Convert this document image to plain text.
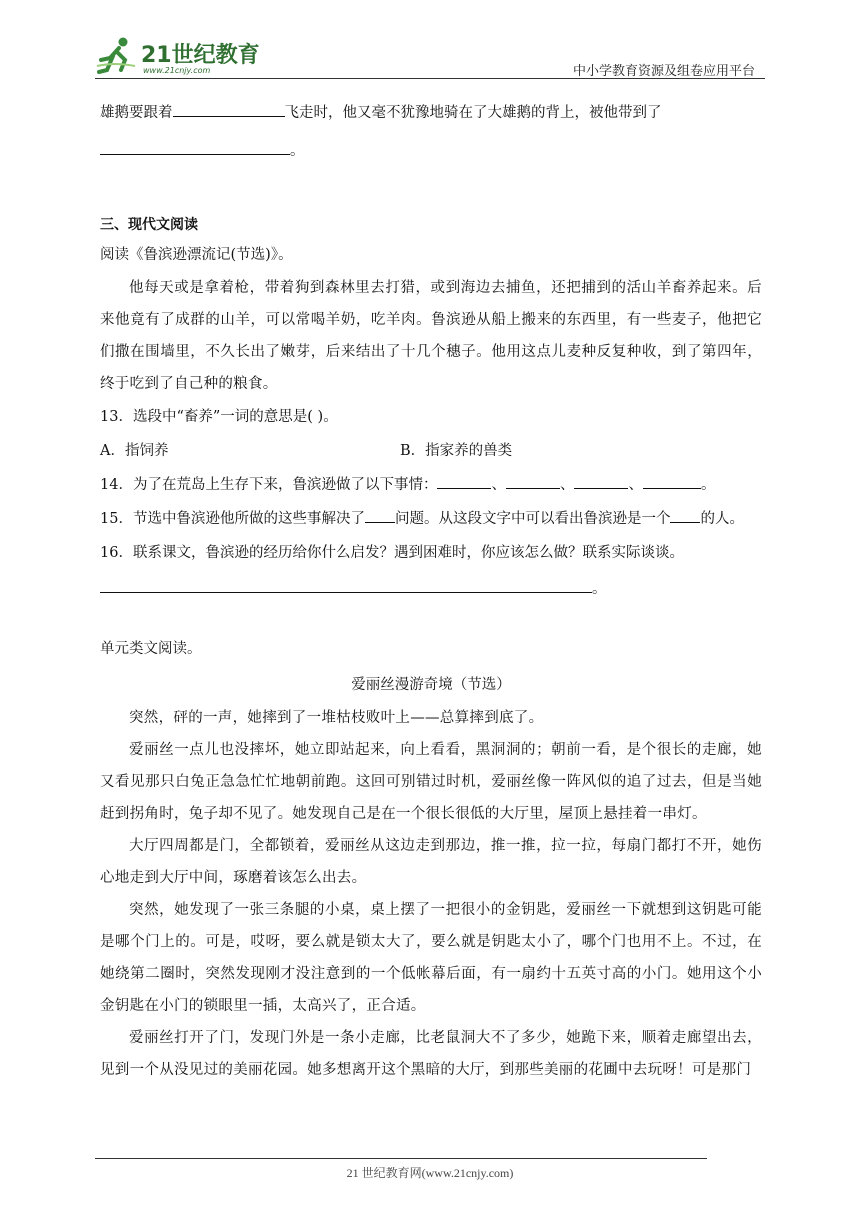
21世纪教育
www.21cnjy.com	中小学教育资源及组卷应用平台
雄鹅要跟着	飞走时，他又毫不犹豫地骑在了大雄鹅的背上，被他带到了
。
三、现代文阅读
阅读《鲁滨逊漂流记(节选)》。
他每天或是拿着枪，带着狗到森林里去打猎，或到海边去捕鱼，还把捕到的活山羊畜养起来。后来他竟有了成群的山羊，可以常喝羊奶，吃羊肉。鲁滨逊从船上搬来的东西里，有一些麦子，他把它们撒在围墙里，不久长出了嫩芽，后来结出了十几个穗子。他用这点儿麦种反复种收，到了第四年，终于吃到了自己种的粮食。
13．选段中“畜养”一词的意思是( )。
A．指饲养	B．指家养的兽类
14．为了在荒岛上生存下来，鲁滨逊做了以下事情：	、	、	、	。
15．节选中鲁滨逊他所做的这些事解决了 问题。从这段文字中可以看出鲁滨逊是一个 的人。
16．联系课文，鲁滨逊的经历给你什么启发？遇到困难时，你应该怎么做？联系实际谈谈。
。
单元类文阅读。
爱丽丝漫游奇境（节选）
突然，砰的一声，她摔到了一堆枯枝败叶上——总算摔到底了。
爱丽丝一点儿也没摔坏，她立即站起来，向上看看，黑洞洞的；朝前一看，是个很长的走廊，她又看见那只白兔正急急忙忙地朝前跑。这回可别错过时机，爱丽丝像一阵风似的追了过去，但是当她赶到拐角时，兔子却不见了。她发现自己是在一个很长很低的大厅里，屋顶上悬挂着一串灯。
大厅四周都是门，全都锁着，爱丽丝从这边走到那边，推一推，拉一拉，每扇门都打不开，她伤心地走到大厅中间，琢磨着该怎么出去。
突然，她发现了一张三条腿的小桌，桌上摆了一把很小的金钥匙，爱丽丝一下就想到这钥匙可能是哪个门上的。可是，哎呀，要么就是锁太大了，要么就是钥匙太小了，哪个门也用不上。不过，在她绕第二圈时，突然发现刚才没注意到的一个低帐幕后面，有一扇约十五英寸高的小门。她用这个小金钥匙在小门的锁眼里一插，太高兴了，正合适。
爱丽丝打开了门，发现门外是一条小走廊，比老鼠洞大不了多少，她跪下来，顺着走廊望出去，见到一个从没见过的美丽花园。她多想离开这个黑暗的大厅，到那些美丽的花圃中去玩呀！可是那门
21 世纪教育网(www.21cnjy.com)
